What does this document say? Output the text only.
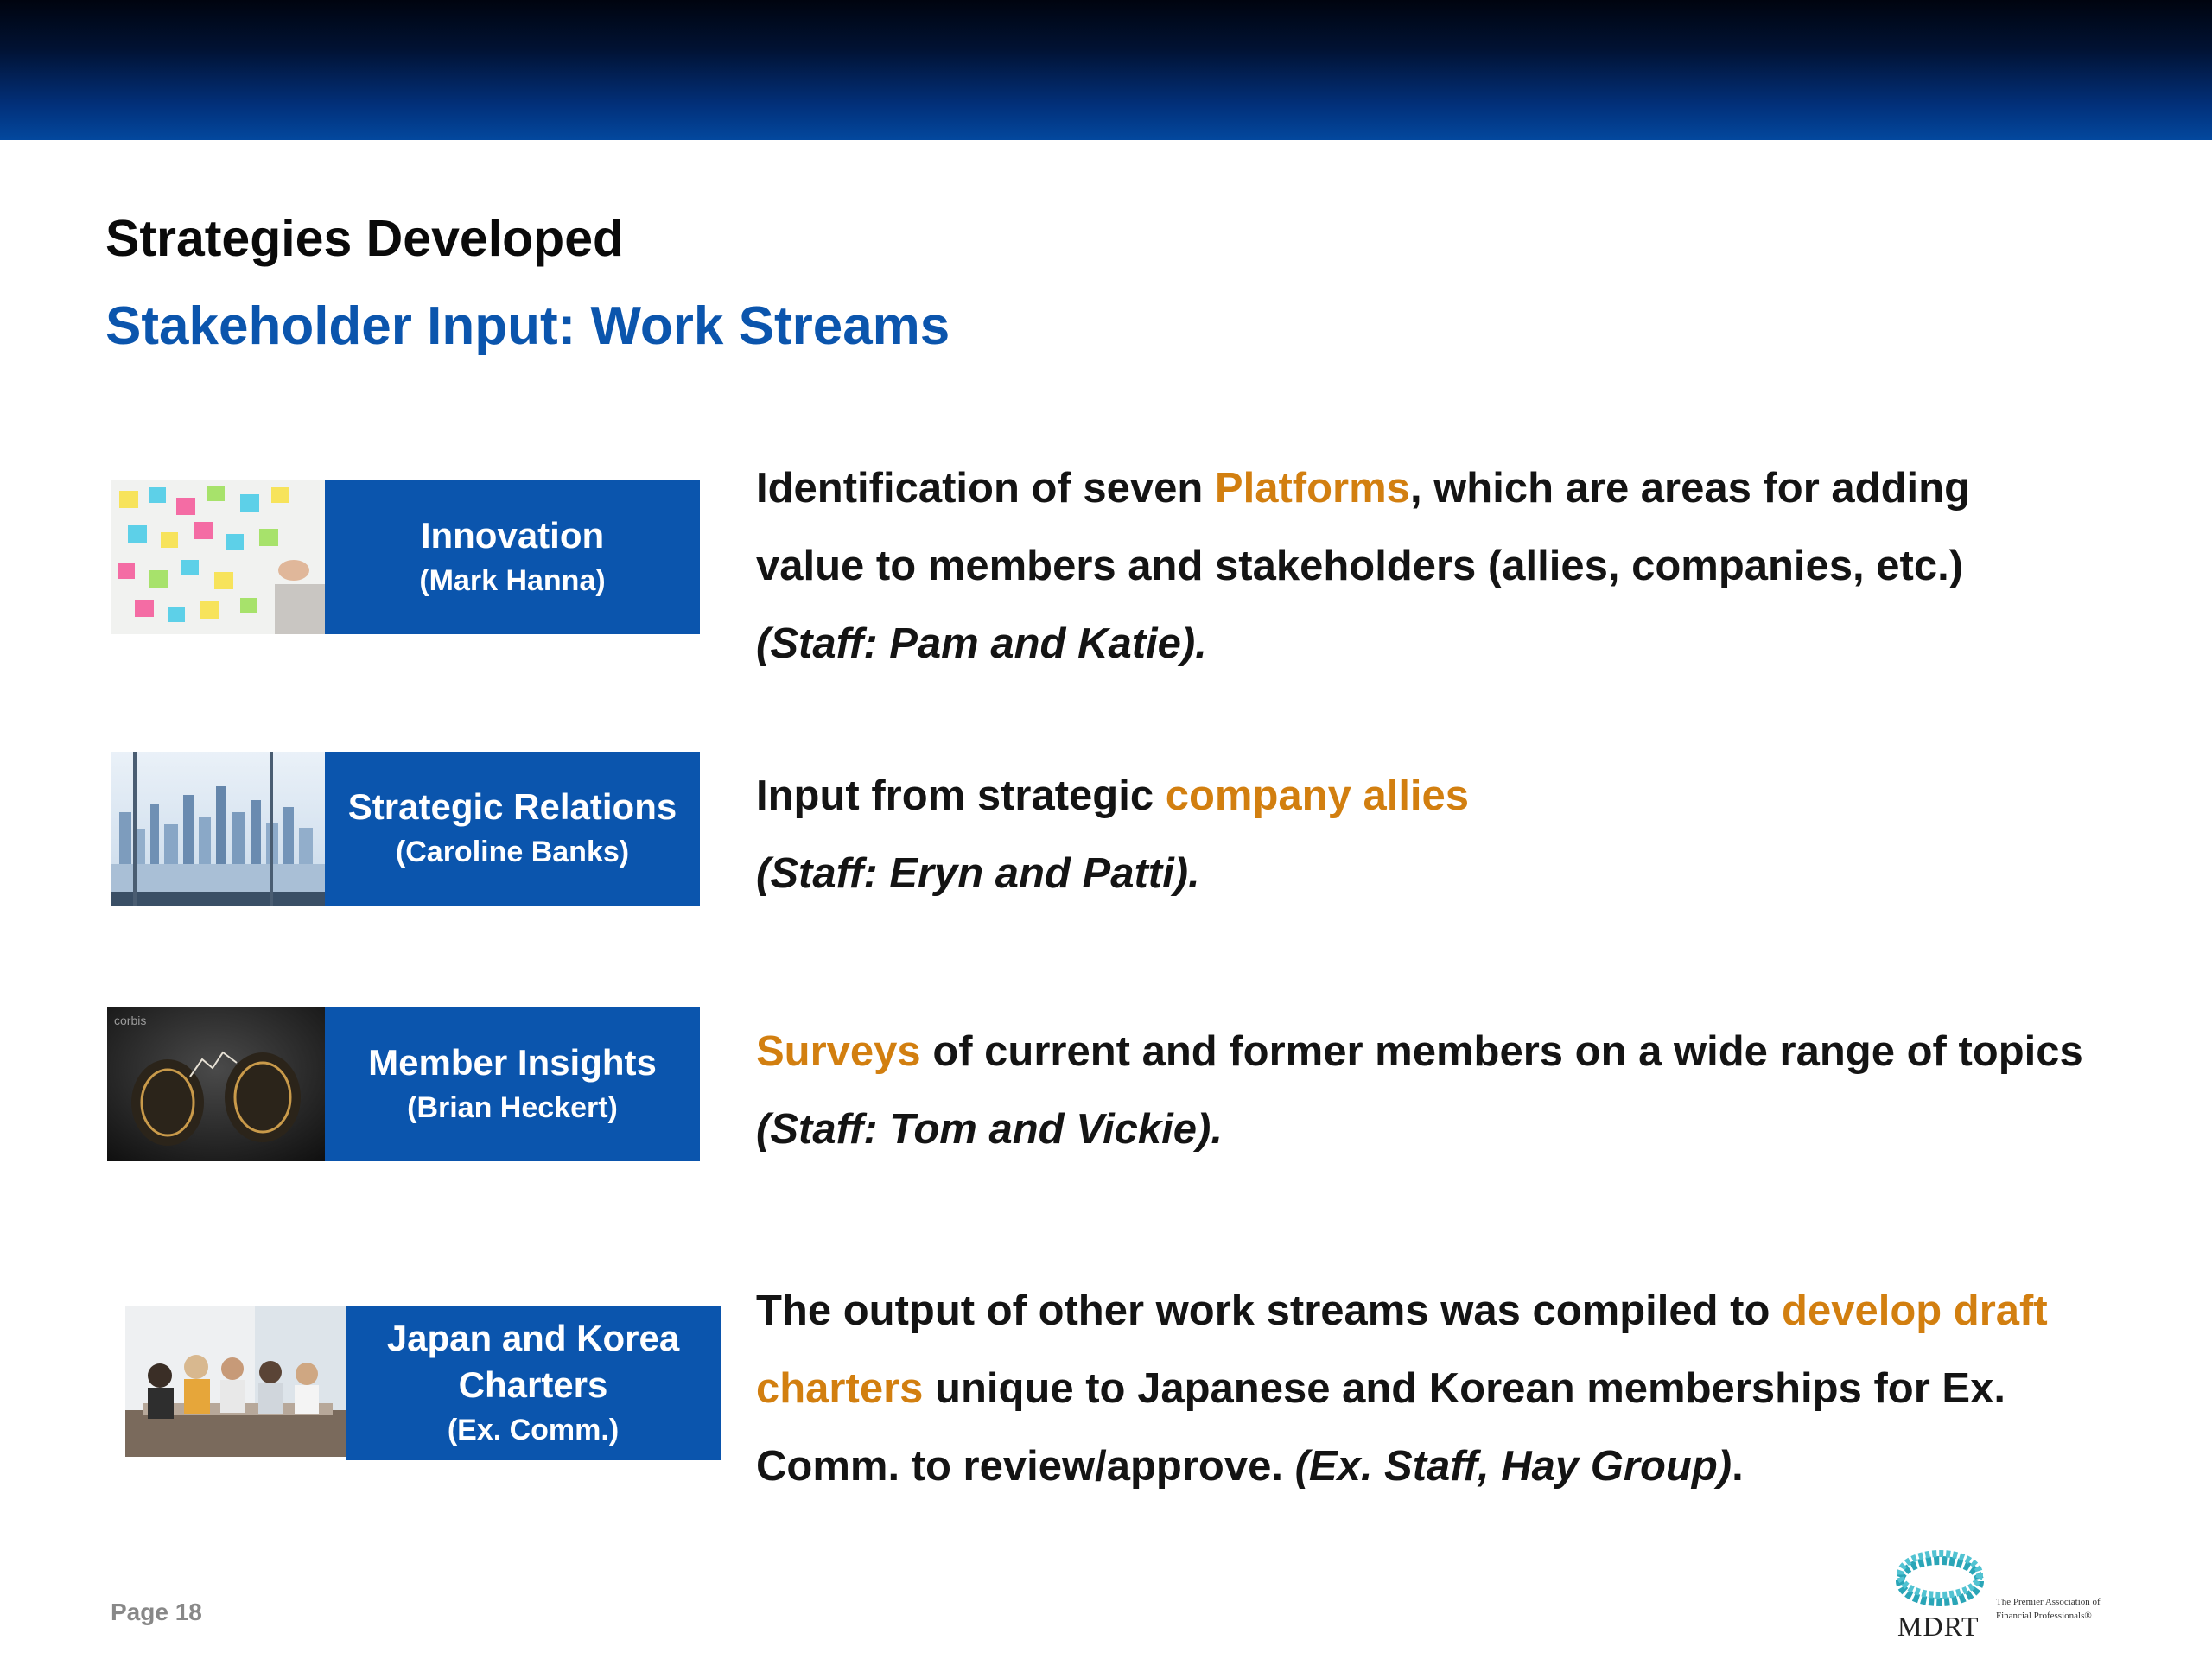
Strategies Developed
Stakeholder Input: Work Streams
Innovation
(Mark Hanna)
Identification of seven Platforms, which are areas for adding
value to members and stakeholders (allies, companies, etc.)
(Staff: Pam and Katie).
Strategic Relations
(Caroline Banks)
Input from strategic company allies
(Staff: Eryn and Patti).
corbis
Member Insights
(Brian Heckert)
Surveys of current and former members on a wide range of topics
(Staff: Tom and Vickie).
Japan and Korea
Charters
(Ex. Comm.)
The output of other work streams was compiled to develop draft
charters unique to Japanese and Korean memberships for Ex.
Comm. to review/approve. (Ex. Staff, Hay Group).
Page 18	MDRT
The Premier Association of Financial Professionals®
